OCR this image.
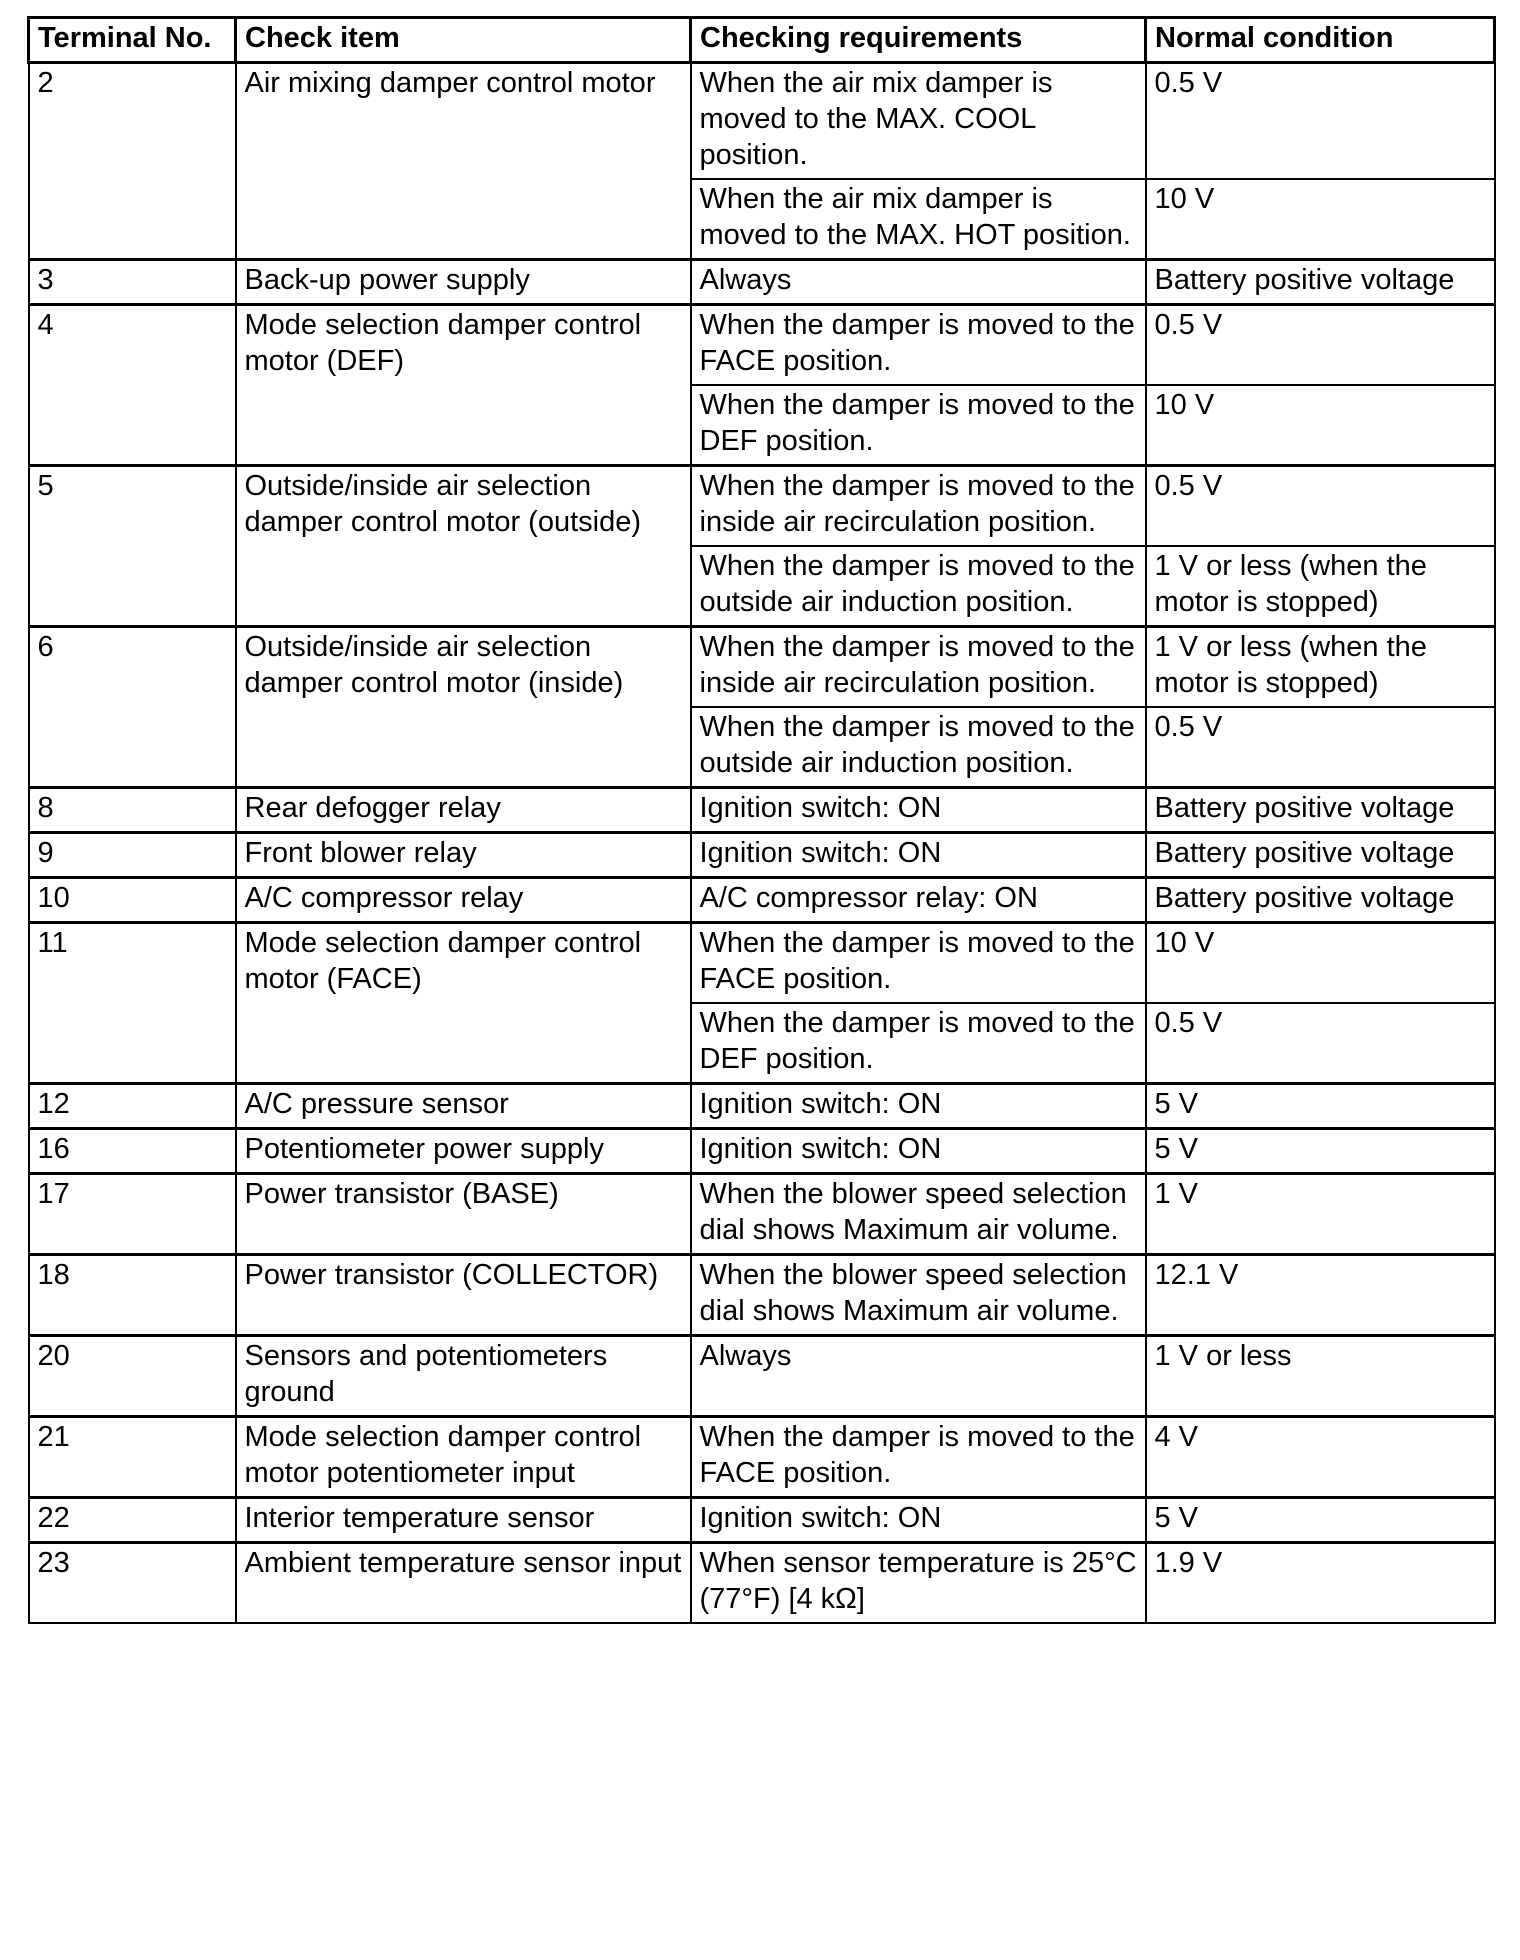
Terminal No.	Check item	Checking requirements	Normal condition
2	Air mixing damper control motor	When the air mix damper is moved to the MAX. COOL position.	0.5 V
		When the air mix damper is moved to the MAX. HOT position.	10 V
3	Back-up power supply	Always	Battery positive voltage
4	Mode selection damper control motor (DEF)	When the damper is moved to the FACE position.	0.5 V
		When the damper is moved to the DEF position.	10 V
5	Outside/inside air selection damper control motor (outside)	When the damper is moved to the inside air recirculation position.	0.5 V
		When the damper is moved to the outside air induction position.	1 V or less (when the motor is stopped)
6	Outside/inside air selection damper control motor (inside)	When the damper is moved to the inside air recirculation position.	1 V or less (when the motor is stopped)
		When the damper is moved to the outside air induction position.	0.5 V
8	Rear defogger relay	Ignition switch: ON	Battery positive voltage
9	Front blower relay	Ignition switch: ON	Battery positive voltage
10	A/C compressor relay	A/C compressor relay: ON	Battery positive voltage
11	Mode selection damper control motor (FACE)	When the damper is moved to the FACE position.	10 V
		When the damper is moved to the DEF position.	0.5 V
12	A/C pressure sensor	Ignition switch: ON	5 V
16	Potentiometer power supply	Ignition switch: ON	5 V
17	Power transistor (BASE)	When the blower speed selection dial shows Maximum air volume.	1 V
18	Power transistor (COLLECTOR)	When the blower speed selection dial shows Maximum air volume.	12.1 V
20	Sensors and potentiometers ground	Always	1 V or less
21	Mode selection damper control motor potentiometer input	When the damper is moved to the FACE position.	4 V
22	Interior temperature sensor	Ignition switch: ON	5 V
23	Ambient temperature sensor input	When sensor temperature is 25°C (77°F) [4 kΩ]	1.9 V
